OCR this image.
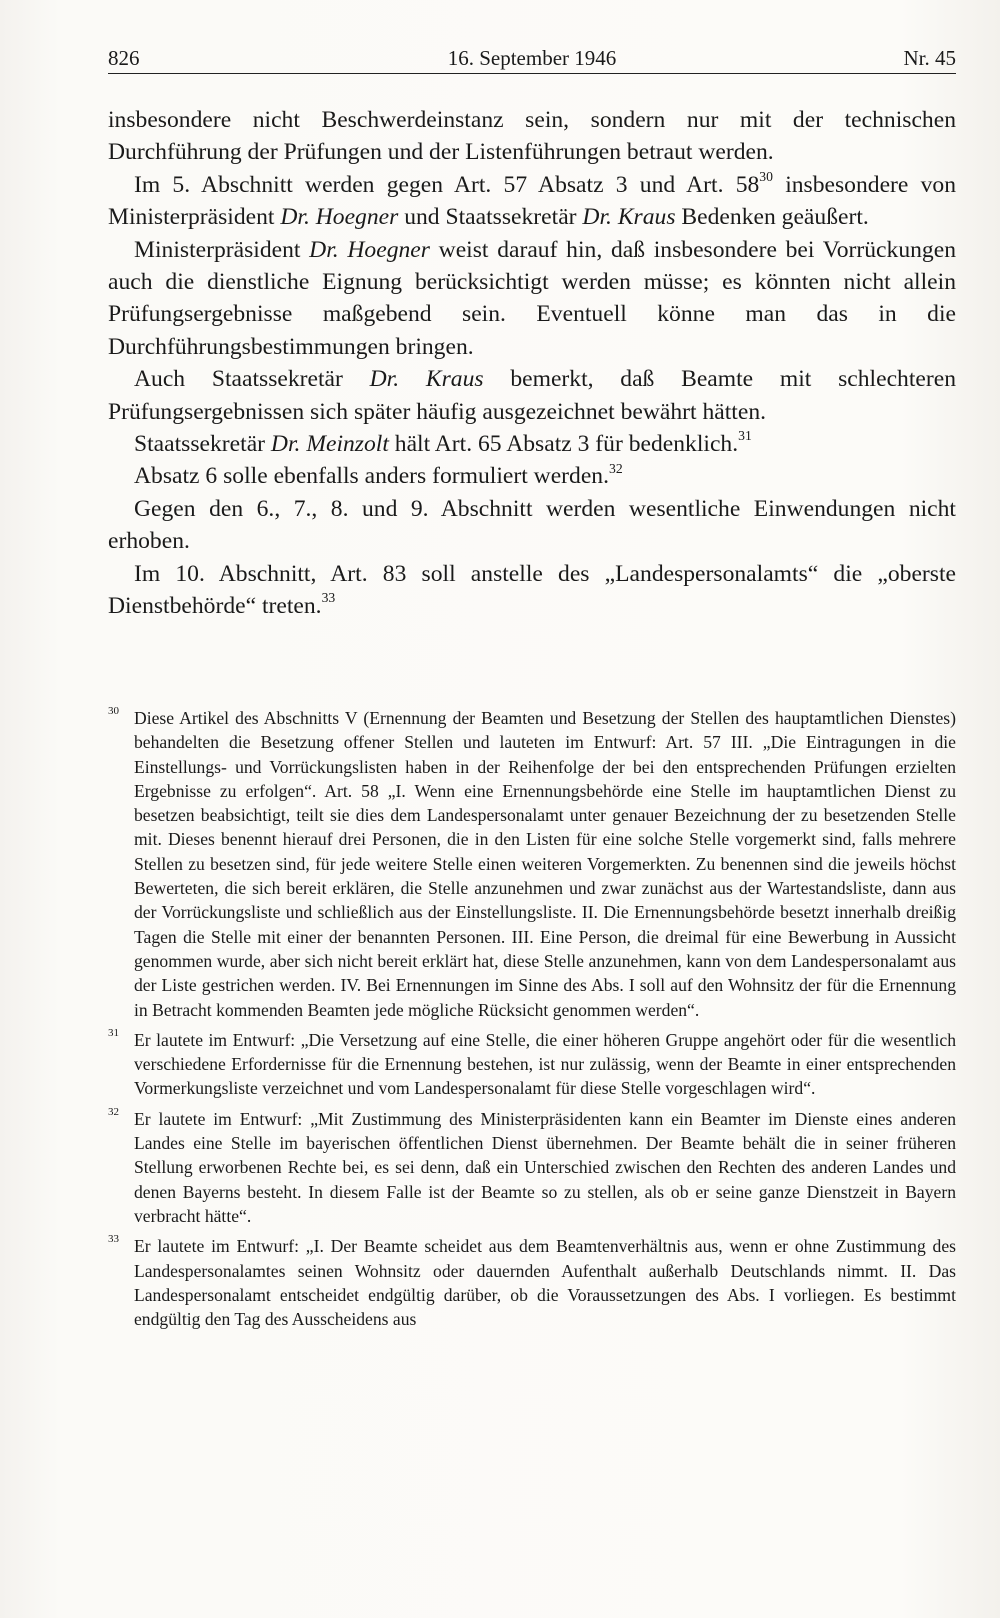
826	16. September 1946	Nr. 45

insbesondere nicht Beschwerdeinstanz sein, sondern nur mit der technischen Durchführung der Prüfungen und der Listenführungen betraut werden.

Im 5. Abschnitt werden gegen Art. 57 Absatz 3 und Art. $58^{30}$ insbesondere von Ministerpräsident Dr. Hoegner und Staatssekretär Dr. Kraus Bedenken geäußert.

Ministerpräsident Dr. Hoegner weist darauf hin, daß insbesondere bei Vorrückungen auch die dienstliche Eignung berücksichtigt werden müsse; es könnten nicht allein Prüfungsergebnisse maßgebend sein. Eventuell könne man das in die Durchführungsbestimmungen bringen.

Auch Staatssekretär Dr. Kraus bemerkt, daß Beamte mit schlechteren Prüfungsergebnissen sich später häufig ausgezeichnet bewährt hätten.

Staatssekretär Dr. Meinzolt hält Art. 65 Absatz 3 für bedenklich.$^{31}$

Absatz 6 solle ebenfalls anders formuliert werden.$^{32}$

Gegen den 6., 7., 8. und 9. Abschnitt werden wesentliche Einwendungen nicht erhoben.

Im 10. Abschnitt, Art. 83 soll anstelle des „Landespersonalamts“ die „oberste Dienstbehörde“ treten.$^{33}$

30 Diese Artikel des Abschnitts V (Ernennung der Beamten und Besetzung der Stellen des hauptamtlichen Dienstes) behandelten die Besetzung offener Stellen und lauteten im Entwurf: Art. 57 III. „Die Eintragungen in die Einstellungs- und Vorrückungslisten haben in der Reihenfolge der bei den entsprechenden Prüfungen erzielten Ergebnisse zu erfolgen“. Art. 58 „I. Wenn eine Ernennungsbehörde eine Stelle im hauptamtlichen Dienst zu besetzen beabsichtigt, teilt sie dies dem Landespersonalamt unter genauer Bezeichnung der zu besetzenden Stelle mit. Dieses benennt hierauf drei Personen, die in den Listen für eine solche Stelle vorgemerkt sind, falls mehrere Stellen zu besetzen sind, für jede weitere Stelle einen weiteren Vorgemerkten. Zu benennen sind die jeweils höchst Bewerteten, die sich bereit erklären, die Stelle anzunehmen und zwar zunächst aus der Wartestandsliste, dann aus der Vorrückungsliste und schließlich aus der Einstellungsliste. II. Die Ernennungsbehörde besetzt innerhalb dreißig Tagen die Stelle mit einer der benannten Personen. III. Eine Person, die dreimal für eine Bewerbung in Aussicht genommen wurde, aber sich nicht bereit erklärt hat, diese Stelle anzunehmen, kann von dem Landespersonalamt aus der Liste gestrichen werden. IV. Bei Ernennungen im Sinne des Abs. I soll auf den Wohnsitz der für die Ernennung in Betracht kommenden Beamten jede mögliche Rücksicht genommen werden“.
31 Er lautete im Entwurf: „Die Versetzung auf eine Stelle, die einer höheren Gruppe angehört oder für die wesentlich verschiedene Erfordernisse für die Ernennung bestehen, ist nur zulässig, wenn der Beamte in einer entsprechenden Vormerkungsliste verzeichnet und vom Landespersonalamt für diese Stelle vorgeschlagen wird“.
32 Er lautete im Entwurf: „Mit Zustimmung des Ministerpräsidenten kann ein Beamter im Dienste eines anderen Landes eine Stelle im bayerischen öffentlichen Dienst übernehmen. Der Beamte behält die in seiner früheren Stellung erworbenen Rechte bei, es sei denn, daß ein Unterschied zwischen den Rechten des anderen Landes und denen Bayerns besteht. In diesem Falle ist der Beamte so zu stellen, als ob er seine ganze Dienstzeit in Bayern verbracht hätte“.
33 Er lautete im Entwurf: „I. Der Beamte scheidet aus dem Beamtenverhältnis aus, wenn er ohne Zustimmung des Landespersonalamtes seinen Wohnsitz oder dauernden Aufenthalt außerhalb Deutschlands nimmt. II. Das Landespersonalamt entscheidet endgültig darüber, ob die Voraussetzungen des Abs. I vorliegen. Es bestimmt endgültig den Tag des Ausscheidens aus
